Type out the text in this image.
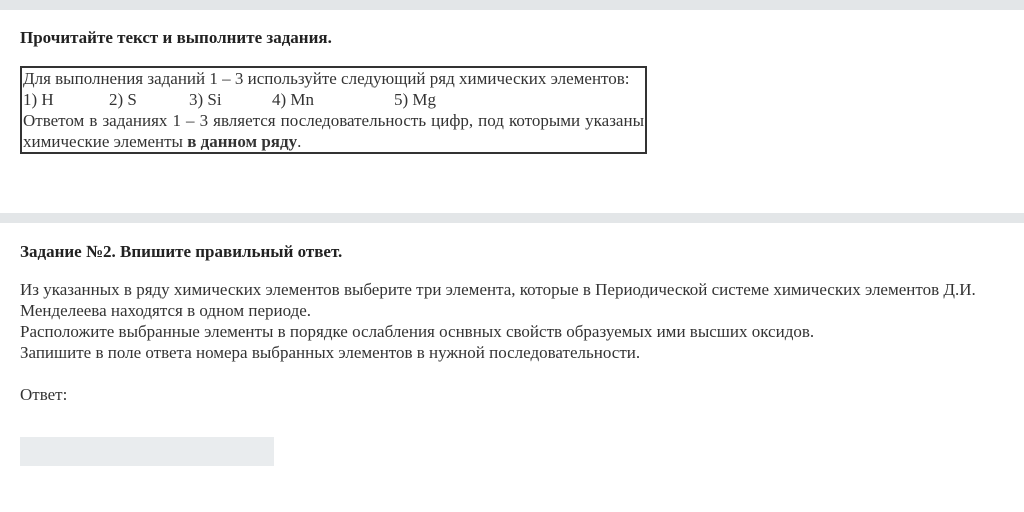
Прочитайте текст и выполните задания.
Для выполнения заданий 1 – 3 используйте следующий ряд химических элементов:
1) H	2) S	3) Si	4) Mn	5) Mg
Ответом в заданиях 1 – 3 является последовательность цифр, под которыми указаны химические элементы в данном ряду.
Задание №2. Впишите правильный ответ.

Из указанных в ряду химических элементов выберите три элемента, которые в Периодической системе химических элементов Д.И. Менделеева находятся в одном периоде.

Расположите выбранные элементы в порядке ослабления оснвных свойств образуемых ими высших оксидов.

Запишите в поле ответа номера выбранных элементов в нужной последовательности.

Ответ:
